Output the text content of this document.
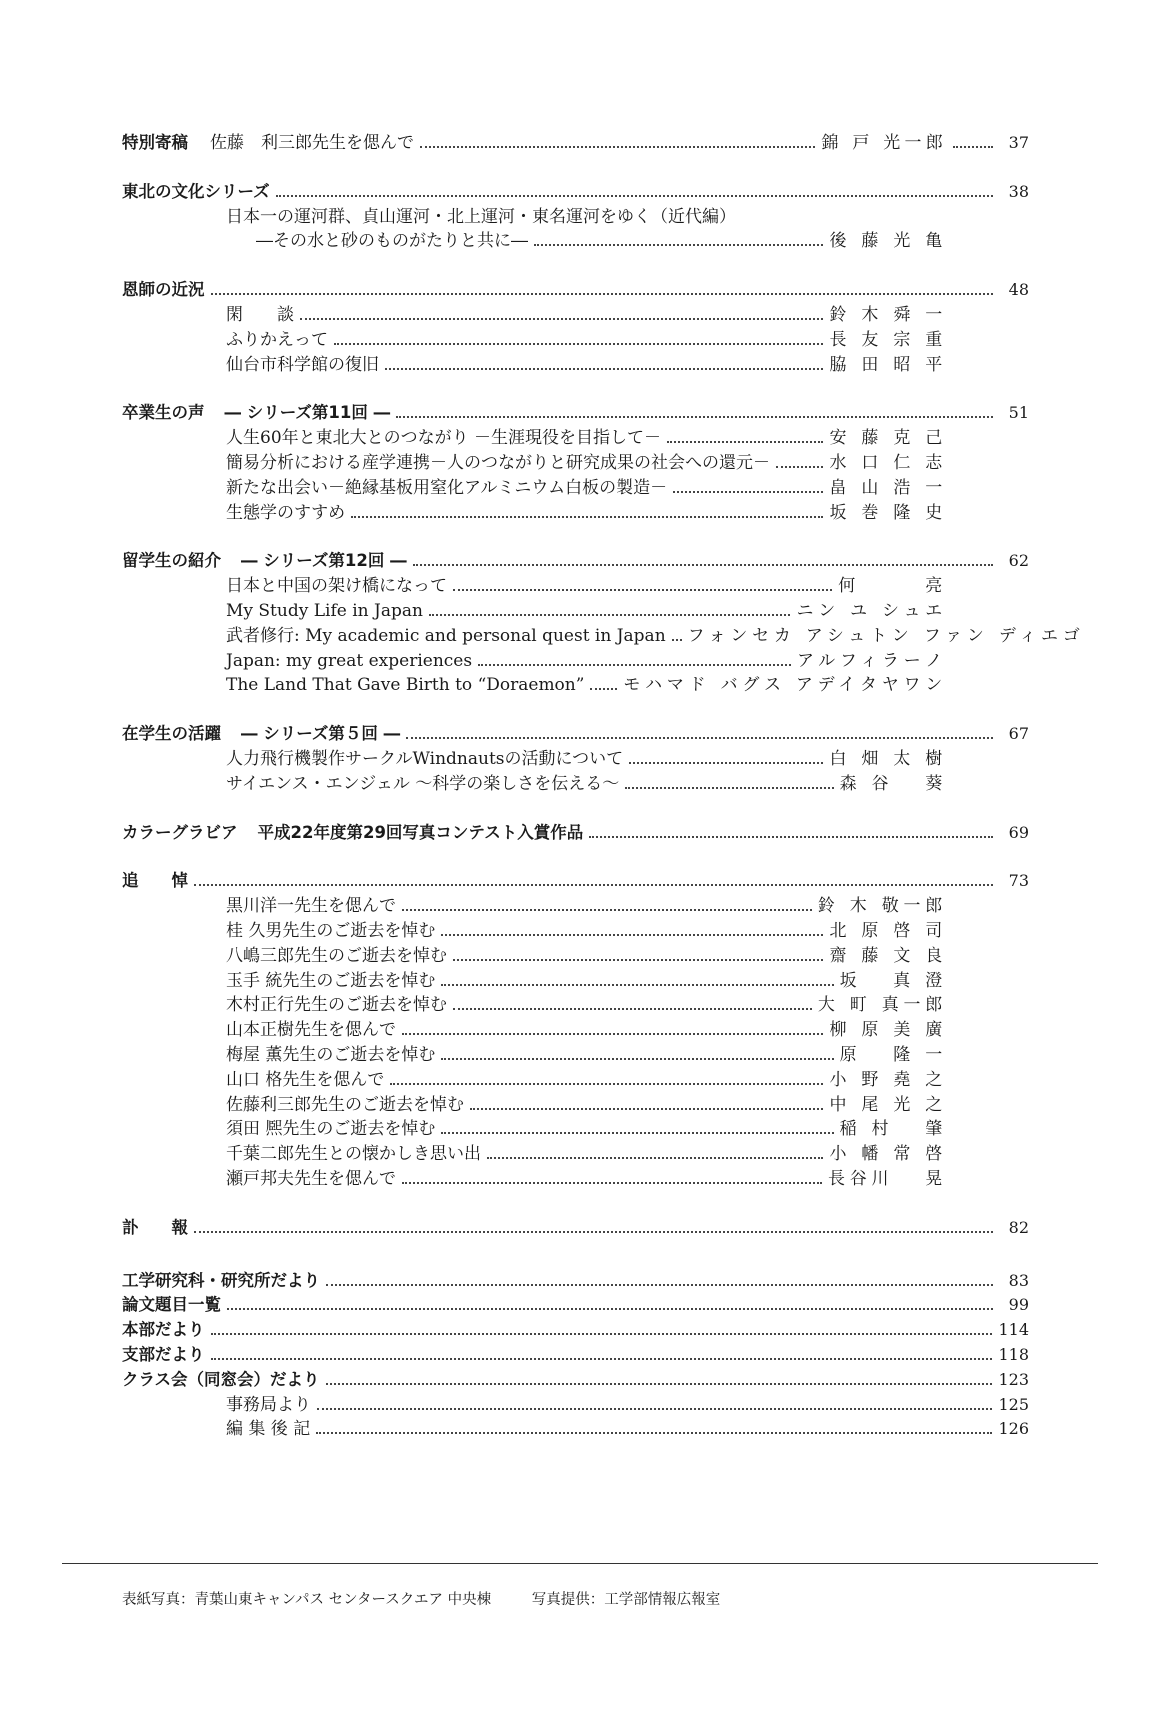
特別寄稿 佐藤　利三郎先生を偲んで	錦 戸 光一郎	37
東北の文化シリーズ	38
日本一の運河群、貞山運河・北上運河・東名運河をゆく（近代編）
―その水と砂のものがたりと共に―	後 藤 光 亀
恩師の近況	48
閑　　談	鈴 木 舜 一
ふりかえって	長 友 宗 重
仙台市科学館の復旧	脇 田 昭 平
卒業生の声 ― シリーズ第11回 ―	51
人生60年と東北大とのつながり －生涯現役を目指して－	安 藤 克 己
簡易分析における産学連携－人のつながりと研究成果の社会への還元－	水 口 仁 志
新たな出会い－絶縁基板用窒化アルミニウム白板の製造－	畠 山 浩 一
生態学のすすめ	坂 巻 隆 史
留学生の紹介 ― シリーズ第12回 ―	62
日本と中国の架け橋になって	何　　　亮
My Study Life in Japan	ニン ユ シュエ
武者修行: My academic and personal quest in Japan フォンセカ アシュトン ファン ディエゴ
Japan: my great experiences	アルフィラーノ
The Land That Gave Birth to “Doraemon” モハマド バグス アデイタヤワン
在学生の活躍 ― シリーズ第５回 ―	67
人力飛行機製作サークルWindnautsの活動について	白 畑 太 樹
サイエンス・エンジェル ～科学の楽しさを伝える～	森 谷　 葵
カラーグラビア 平成22年度第29回写真コンテスト入賞作品	69
追　　悼	73
黒川洋一先生を偲んで	鈴 木 敬一郎
桂 久男先生のご逝去を悼む	北 原 啓 司
八嶋三郎先生のご逝去を悼む	齋 藤 文 良
玉手 統先生のご逝去を悼む	坂　 真 澄
木村正行先生のご逝去を悼む	大 町 真一郎
山本正樹先生を偲んで	柳 原 美 廣
梅屋 薫先生のご逝去を悼む	原　 隆 一
山口 格先生を偲んで	小 野 堯 之
佐藤利三郎先生のご逝去を悼む	中 尾 光 之
須田 熈先生のご逝去を悼む	稲 村　 肇
千葉二郎先生との懐かしき思い出	小 幡 常 啓
瀬戸邦夫先生を偲んで	長谷川　 晃
訃　　報	82
工学研究科・研究所だより	83
論文題目一覧	99
本部だより	114
支部だより	118
クラス会（同窓会）だより	123
事務局より	125
編 集 後 記	126
表紙写真：青葉山東キャンパス センタースクエア 中央棟	写真提供：工学部情報広報室
